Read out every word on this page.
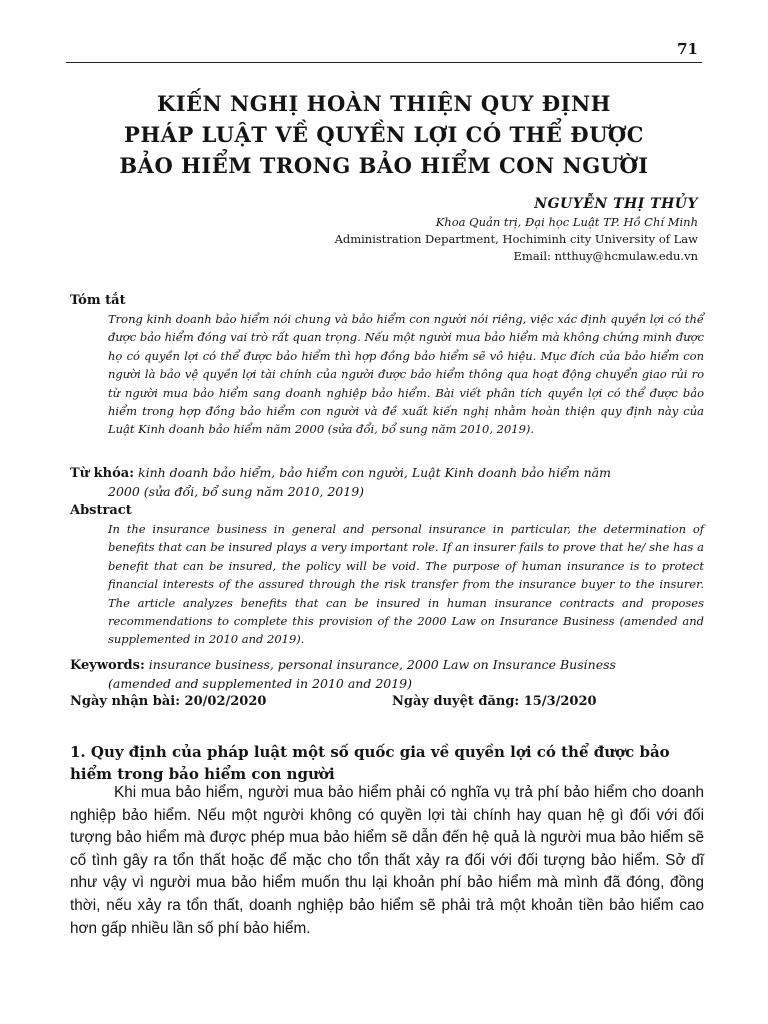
71
KIẾN NGHỊ HOÀN THIỆN QUY ĐỊNH
PHÁP LUẬT VỀ QUYỀN LỢI CÓ THỂ ĐƯỢC
BẢO HIỂM TRONG BẢO HIỂM CON NGƯỜI
NGUYỄN THỊ THỦY
Khoa Quản trị, Đại học Luật TP. Hồ Chí Minh
Administration Department, Hochiminh city University of Law
Email: ntthuy@hcmulaw.edu.vn
Tóm tắt
Trong kinh doanh bảo hiểm nói chung và bảo hiểm con người nói riêng, việc xác định quyền lợi có thể được bảo hiểm đóng vai trò rất quan trọng. Nếu một người mua bảo hiểm mà không chứng minh được họ có quyền lợi có thể được bảo hiểm thì hợp đồng bảo hiểm sẽ vô hiệu. Mục đích của bảo hiểm con người là bảo vệ quyền lợi tài chính của người được bảo hiểm thông qua hoạt động chuyển giao rủi ro từ người mua bảo hiểm sang doanh nghiệp bảo hiểm. Bài viết phân tích quyền lợi có thể được bảo hiểm trong hợp đồng bảo hiểm con người và đề xuất kiến nghị nhằm hoàn thiện quy định này của Luật Kinh doanh bảo hiểm năm 2000 (sửa đổi, bổ sung năm 2010, 2019).
Từ khóa: kinh doanh bảo hiểm, bảo hiểm con người, Luật Kinh doanh bảo hiểm năm
2000 (sửa đổi, bổ sung năm 2010, 2019)
Abstract
In the insurance business in general and personal insurance in particular, the determination of benefits that can be insured plays a very important role. If an insurer fails to prove that he/ she has a benefit that can be insured, the policy will be void. The purpose of human insurance is to protect financial interests of the assured through the risk transfer from the insurance buyer to the insurer. The article analyzes benefits that can be insured in human insurance contracts and proposes recommendations to complete this provision of the 2000 Law on Insurance Business (amended and supplemented in 2010 and 2019).
Keywords: insurance business, personal insurance, 2000 Law on Insurance Business
(amended and supplemented in 2010 and 2019)
Ngày nhận bài: 20/02/2020	Ngày duyệt đăng: 15/3/2020
1. Quy định của pháp luật một số quốc gia về quyền lợi có thể được bảo hiểm trong bảo hiểm con người
Khi mua bảo hiểm, người mua bảo hiểm phải có nghĩa vụ trả phí bảo hiểm cho doanh nghiệp bảo hiểm. Nếu một người không có quyền lợi tài chính hay quan hệ gì đối với đối tượng bảo hiểm mà được phép mua bảo hiểm sẽ dẫn đến hệ quả là người mua bảo hiểm sẽ cố tình gây ra tổn thất hoặc để mặc cho tổn thất xảy ra đối với đối tượng bảo hiểm. Sở dĩ như vậy vì người mua bảo hiểm muốn thu lại khoản phí bảo hiểm mà mình đã đóng, đồng thời, nếu xảy ra tổn thất, doanh nghiệp bảo hiểm sẽ phải trả một khoản tiền bảo hiểm cao hơn gấp nhiều lần số phí bảo hiểm.
